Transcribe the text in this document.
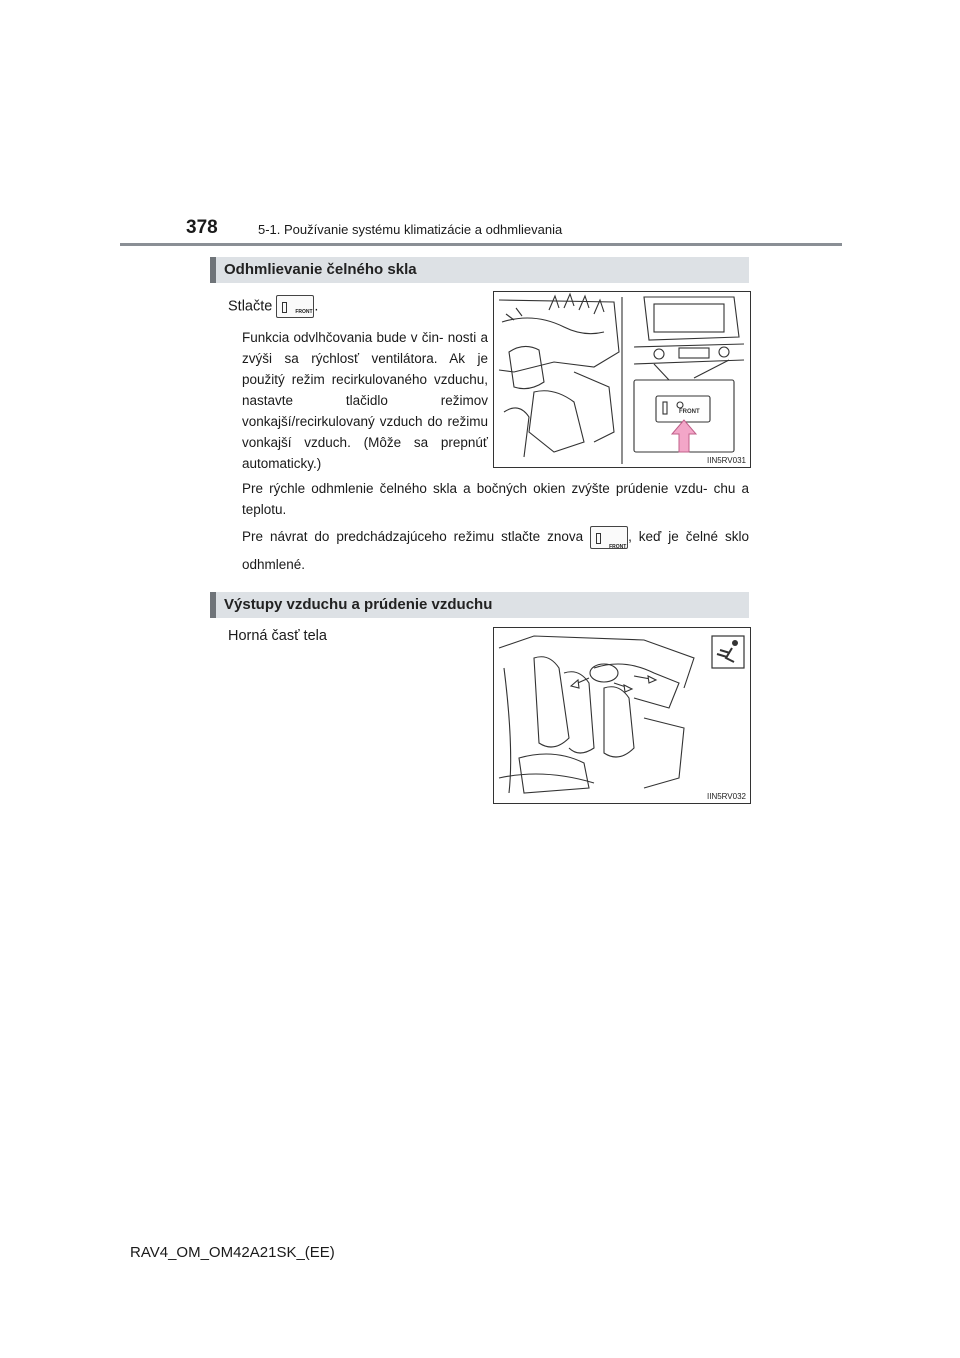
378	5-1. Používanie systému klimatizácie a odhmlievania
Odhmlievanie čelného skla
Stlačte	FRONT .
Funkcia odvlhčovania bude v čin- nosti a zvýši sa rýchlosť ventilátora. Ak je použitý režim recirkulovaného vzduchu, nastavte tlačidlo režimov vonkajší/recirkulovaný vzduch do režimu vonkajší vzduch. (Môže sa prepnúť automaticky.)
FRONT
IIN5RV031
Pre rýchle odhmlenie čelného skla a bočných okien zvýšte prúdenie vzdu- chu a teplotu.
Pre návrat do predchádzajúceho režimu stlačte znova
FRONT
, keď je čelné sklo odhmlené.
Výstupy vzduchu a prúdenie vzduchu
Horná časť tela
IIN5RV032
RAV4_OM_OM42A21SK_(EE)
